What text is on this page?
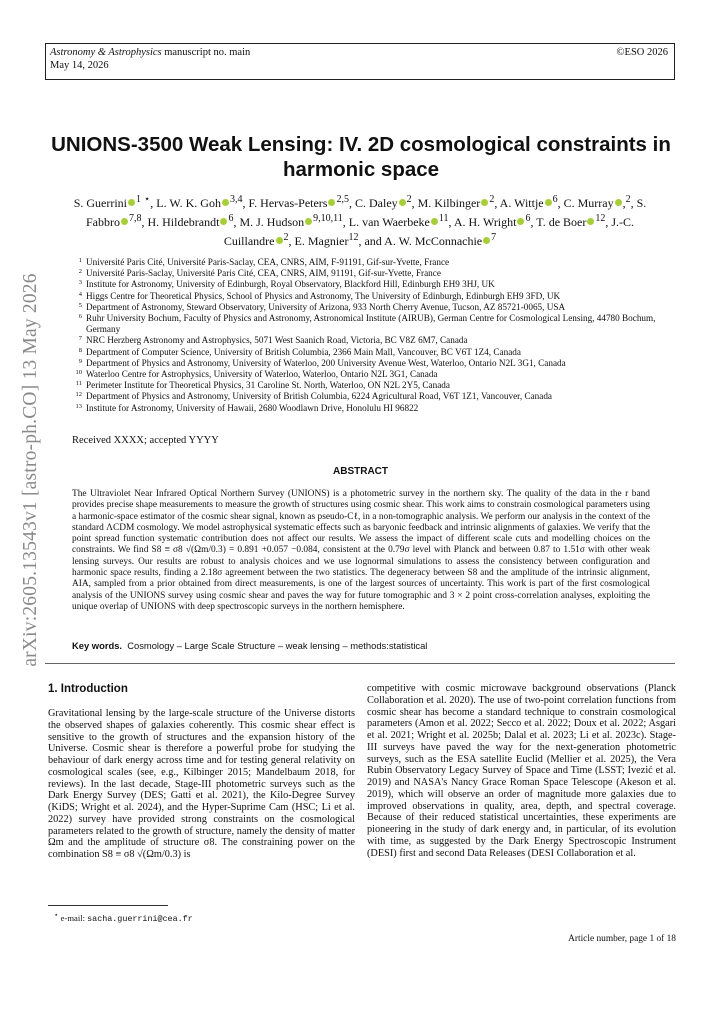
Astronomy & Astrophysics manuscript no. main
May 14, 2026
©ESO 2026
arXiv:2605.13543v1 [astro-ph.CO] 13 May 2026
UNIONS-3500 Weak Lensing: IV. 2D cosmological constraints in harmonic space
S. Guerrini $^1$ ⋆, L. W. K. Goh $^{3,4}$, F. Hervas-Peters $^{2,5}$, C. Daley $^2$, M. Kilbinger $^2$, A. Wittje $^6$, C. Murray ,$^2$, S.
Fabbro $^{7,8}$, H. Hildebrandt $^6$, M. J. Hudson $^{9,10,11}$, L. van Waerbeke $^{11}$, A. H. Wright $^6$, T. de Boer $^{12}$, J.-C.
Cuillandre $^2$, E. Magnier$^{12}$, and A. W. McConnachie $^7$
1 Université Paris Cité, Université Paris-Saclay, CEA, CNRS, AIM, F-91191, Gif-sur-Yvette, France
2 Université Paris-Saclay, Université Paris Cité, CEA, CNRS, AIM, 91191, Gif-sur-Yvette, France
3 Institute for Astronomy, University of Edinburgh, Royal Observatory, Blackford Hill, Edinburgh EH9 3HJ, UK
4 Higgs Centre for Theoretical Physics, School of Physics and Astronomy, The University of Edinburgh, Edinburgh EH9 3FD, UK
5 Department of Astronomy, Steward Observatory, University of Arizona, 933 North Cherry Avenue, Tucson, AZ 85721-0065, USA
6 Ruhr University Bochum, Faculty of Physics and Astronomy, Astronomical Institute (AIRUB), German Centre for Cosmological Lensing, 44780 Bochum, Germany
7 NRC Herzberg Astronomy and Astrophysics, 5071 West Saanich Road, Victoria, BC V8Z 6M7, Canada
8 Department of Computer Science, University of British Columbia, 2366 Main Mall, Vancouver, BC V6T 1Z4, Canada
9 Department of Physics and Astronomy, University of Waterloo, 200 University Avenue West, Waterloo, Ontario N2L 3G1, Canada
10 Waterloo Centre for Astrophysics, University of Waterloo, Waterloo, Ontario N2L 3G1, Canada
11 Perimeter Institute for Theoretical Physics, 31 Caroline St. North, Waterloo, ON N2L 2Y5, Canada
12 Department of Physics and Astronomy, University of British Columbia, 6224 Agricultural Road, V6T 1Z1, Vancouver, Canada
13 Institute for Astronomy, University of Hawaii, 2680 Woodlawn Drive, Honolulu HI 96822
Received XXXX; accepted YYYY
ABSTRACT
The Ultraviolet Near Infrared Optical Northern Survey (UNIONS) is a photometric survey in the northern sky. The quality of the data in the r band provides precise shape measurements to measure the growth of structures using cosmic shear. This work aims to constrain cosmological parameters using a harmonic-space estimator of the cosmic shear signal, known as pseudo-Cℓ, in a non-tomographic analysis. We perform our analysis in the context of the standard ΛCDM cosmology. We model astrophysical systematic effects such as baryonic feedback and intrinsic alignments of galaxies. We verify that the point spread function systematic contribution does not affect our results. We assess the impact of different scale cuts and modelling choices on the constraints. We find S8 ≡ σ8 √(Ωm/0.3) = 0.891 +0.057 −0.084, consistent at the 0.79σ level with Planck and between 0.87 to 1.51σ with other weak lensing surveys. Our results are robust to analysis choices and we use lognormal simulations to assess the consistency between configuration and harmonic space results, finding a 2.18σ agreement between the two statistics. The degeneracy between S8 and the amplitude of the intrinsic alignment, AIA, sampled from a prior obtained from direct measurements, is one of the largest sources of uncertainty. This work is part of the first cosmological analysis of the UNIONS survey using cosmic shear and paves the way for future tomographic and 3 × 2 point cross-correlation analyses, exploiting the unique overlap of UNIONS with deep spectroscopic surveys in the northern hemisphere.
Key words. Cosmology – Large Scale Structure – weak lensing – methods:statistical
1. Introduction
Gravitational lensing by the large-scale structure of the Universe distorts the observed shapes of galaxies coherently. This cosmic shear effect is sensitive to the growth of structures and the expansion history of the Universe. Cosmic shear is therefore a powerful probe for studying the behaviour of dark energy across time and for testing general relativity on cosmological scales (see, e.g., Kilbinger 2015; Mandelbaum 2018, for reviews). In the last decade, Stage-III photometric surveys such as the Dark Energy Survey (DES; Gatti et al. 2021), the Kilo-Degree Survey (KiDS; Wright et al. 2024), and the Hyper-Suprime Cam (HSC; Li et al. 2022) survey have provided strong constraints on the cosmological parameters related to the growth of structure, namely the density of matter Ωm and the amplitude of structure σ8. The constraining power on the combination S8 ≡ σ8 √(Ωm/0.3) is
competitive with cosmic microwave background observations (Planck Collaboration et al. 2020). The use of two-point correlation functions from cosmic shear has become a standard technique to constrain cosmological parameters (Amon et al. 2022; Secco et al. 2022; Doux et al. 2022; Asgari et al. 2021; Wright et al. 2025b; Dalal et al. 2023; Li et al. 2023c). Stage-III surveys have paved the way for the next-generation photometric surveys, such as the ESA satellite Euclid (Mellier et al. 2025), the Vera Rubin Observatory Legacy Survey of Space and Time (LSST; Ivezić et al. 2019) and NASA's Nancy Grace Roman Space Telescope (Akeson et al. 2019), which will observe an order of magnitude more galaxies due to improved observations in quality, area, depth, and spectral coverage. Because of their reduced statistical uncertainties, these experiments are pioneering in the study of dark energy and, in particular, of its evolution with time, as suggested by the Dark Energy Spectroscopic Instrument (DESI) first and second Data Releases (DESI Collaboration et al.
⋆ e-mail: sacha.guerrini@cea.fr
Article number, page 1 of 18
